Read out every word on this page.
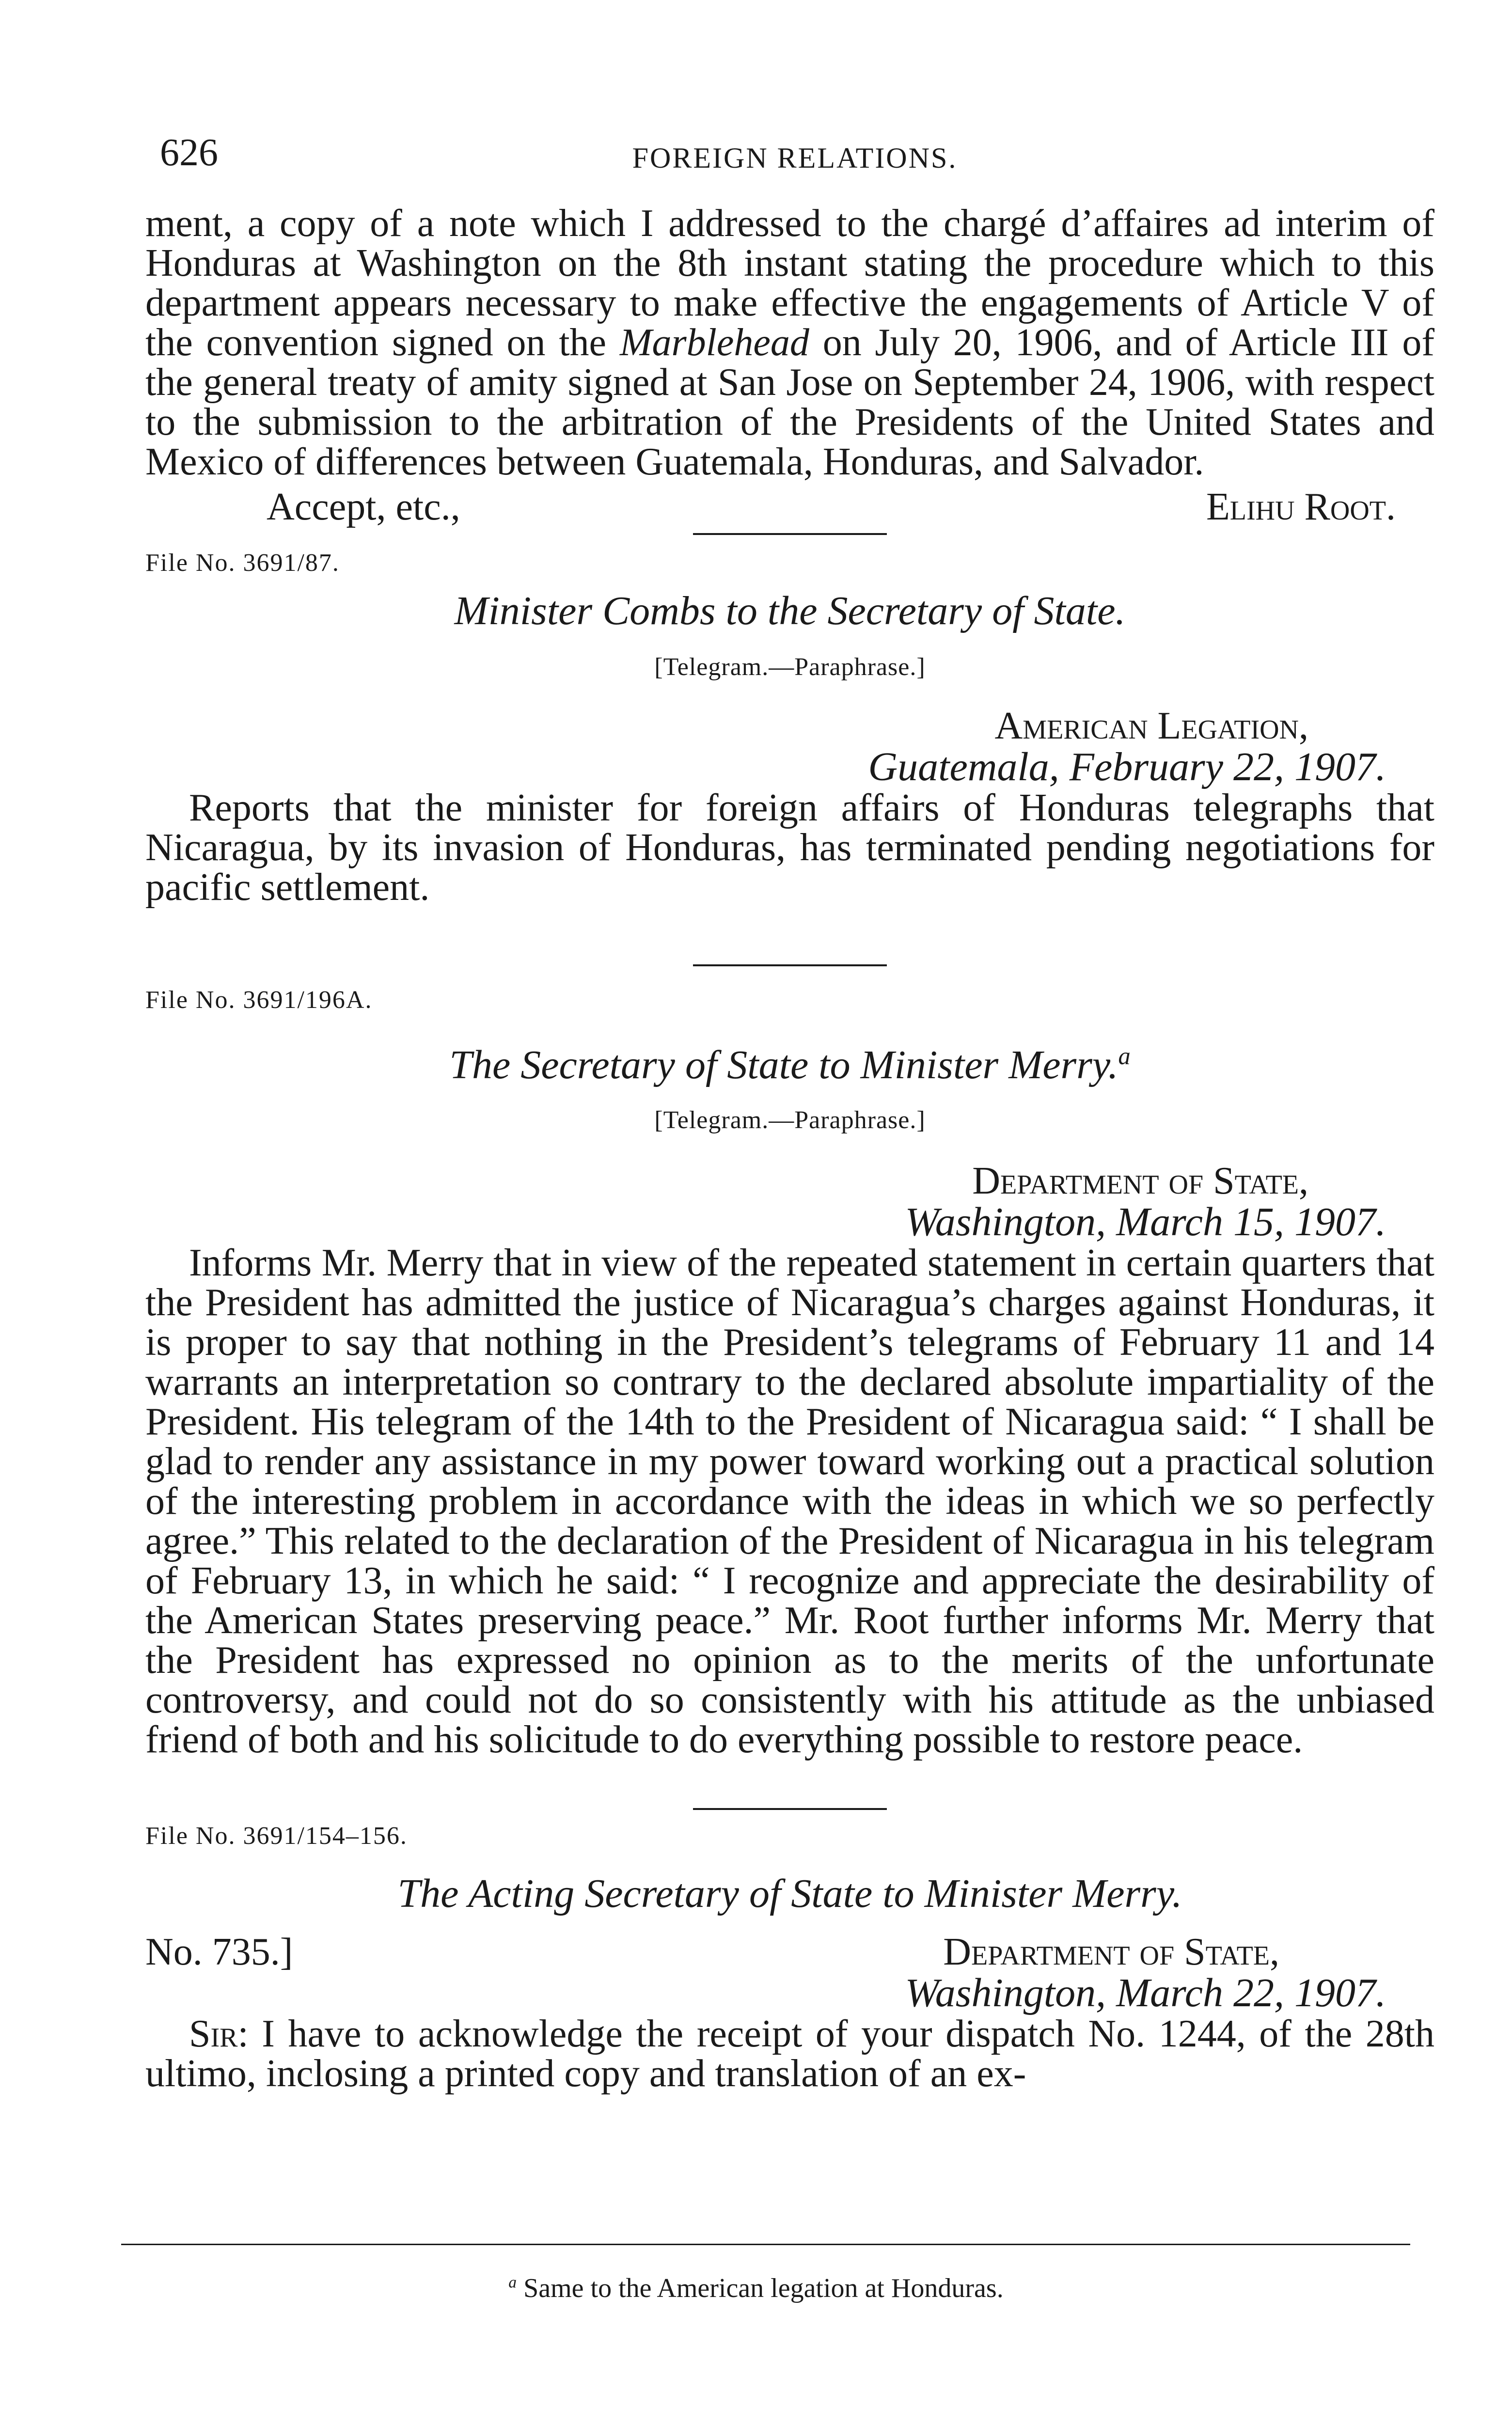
626	FOREIGN RELATIONS.

ment, a copy of a note which I addressed to the chargé d’affaires ad interim of Honduras at Washington on the 8th instant stating the procedure which to this department appears necessary to make effective the engagements of Article V of the convention signed on the Marblehead on July 20, 1906, and of Article III of the general treaty of amity signed at San Jose on September 24, 1906, with respect to the submission to the arbitration of the Presidents of the United States and Mexico of differences between Guatemala, Honduras, and Salvador.

Accept, etc.,	Elihu Root.
File No. 3691/87.
Minister Combs to the Secretary of State.
[Telegram.—Paraphrase.]
American Legation,
Guatemala, February 22, 1907.

Reports that the minister for foreign affairs of Honduras telegraphs that Nicaragua, by its invasion of Honduras, has terminated pending negotiations for pacific settlement.

File No. 3691/196A.
The Secretary of State to Minister Merry.$^a$
[Telegram.—Paraphrase.]
Department of State,
Washington, March 15, 1907.

Informs Mr. Merry that in view of the repeated statement in certain quarters that the President has admitted the justice of Nicaragua’s charges against Honduras, it is proper to say that nothing in the President’s telegrams of February 11 and 14 warrants an interpretation so contrary to the declared absolute impartiality of the President. His telegram of the 14th to the President of Nicaragua said: “ I shall be glad to render any assistance in my power toward working out a practical solution of the interesting problem in accordance with the ideas in which we so perfectly agree.” This related to the declaration of the President of Nicaragua in his telegram of February 13, in which he said: “ I recognize and appreciate the desirability of the American States preserving peace.” Mr. Root further informs Mr. Merry that the President has expressed no opinion as to the merits of the unfortunate controversy, and could not do so consistently with his attitude as the unbiased friend of both and his solicitude to do everything possible to restore peace.

File No. 3691/154–156.
The Acting Secretary of State to Minister Merry.
No. 735.]	Department of State,
Washington, March 22, 1907.

Sir: I have to acknowledge the receipt of your dispatch No. 1244, of the 28th ultimo, inclosing a printed copy and translation of an ex-

$^a$ Same to the American legation at Honduras.
